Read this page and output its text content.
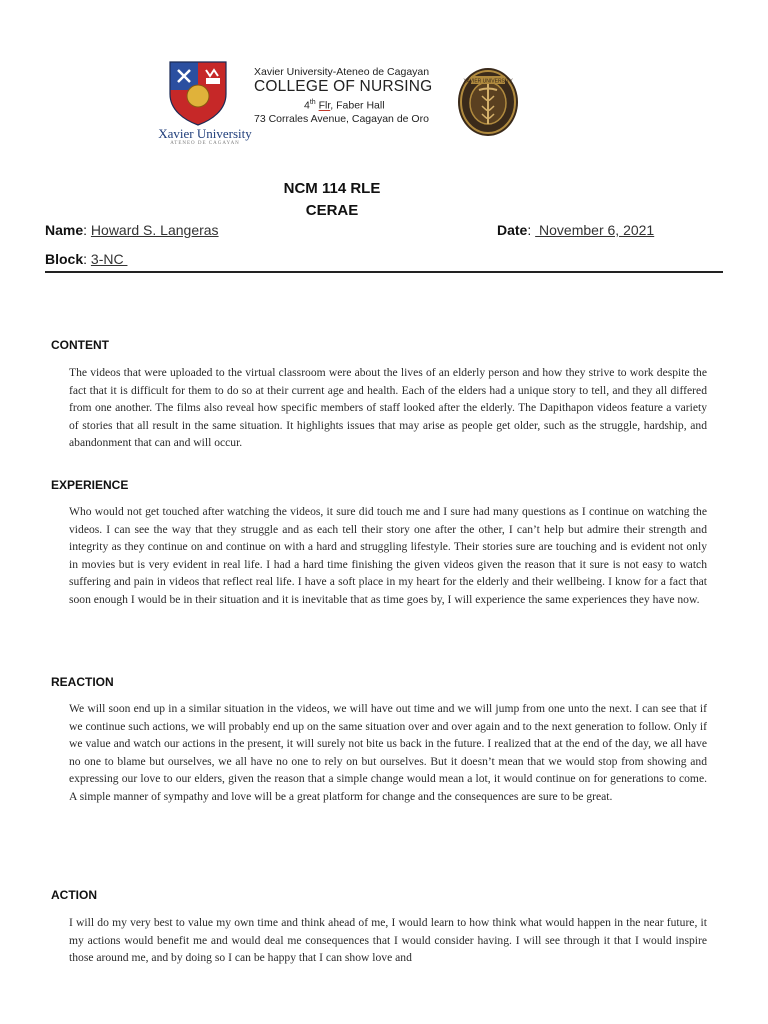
Xavier University
ATENEO DE CAGAYAN
Xavier University-Ateneo de Cagayan
COLLEGE OF NURSING
4th Flr, Faber Hall
73 Corrales Avenue, Cagayan de Oro
XAVIER UNIVERSITY
NCM 114 RLE
CERAE
Name: Howard S. Langeras	Date:  November 6, 2021
Block: 3-NC
CONTENT
The videos that were uploaded to the virtual classroom were about the lives of an elderly person and how they strive to work despite the fact that it is difficult for them to do so at their current age and health. Each of the elders had a unique story to tell, and they all differed from one another. The films also reveal how specific members of staff looked after the elderly. The Dapithapon videos feature a variety of stories that all result in the same situation. It highlights issues that may arise as people get older, such as the struggle, hardship, and abandonment that can and will occur.
EXPERIENCE
Who would not get touched after watching the videos, it sure did touch me and I sure had many questions as I continue on watching the videos. I can see the way that they struggle and as each tell their story one after the other, I can’t help but admire their strength and integrity as they continue on and continue on with a hard and struggling lifestyle. Their stories sure are touching and is evident not only in movies but is very evident in real life. I had a hard time finishing the given videos given the reason that it sure is not easy to watch suffering and pain in videos that reflect real life. I have a soft place in my heart for the elderly and their wellbeing. I know for a fact that soon enough I would be in their situation and it is inevitable that as time goes by, I will experience the same experiences they have now.
REACTION
We will soon end up in a similar situation in the videos, we will have out time and we will jump from one unto the next. I can see that if we continue such actions, we will probably end up on the same situation over and over again and to the next generation to follow. Only if we value and watch our actions in the present, it will surely not bite us back in the future. I realized that at the end of the day, we all have no one to blame but ourselves, we all have no one to rely on but ourselves. But it doesn’t mean that we would stop from showing and expressing our love to our elders, given the reason that a simple change would mean a lot, it would continue on for generations to come. A simple manner of sympathy and love will be a great platform for change and the consequences are sure to be great.
ACTION
I will do my very best to value my own time and think ahead of me, I would learn to how think what would happen in the near future, it my actions would benefit me and would deal me consequences that I would consider having. I will see through it that I would inspire those around me, and by doing so I can be happy that I can show love and
